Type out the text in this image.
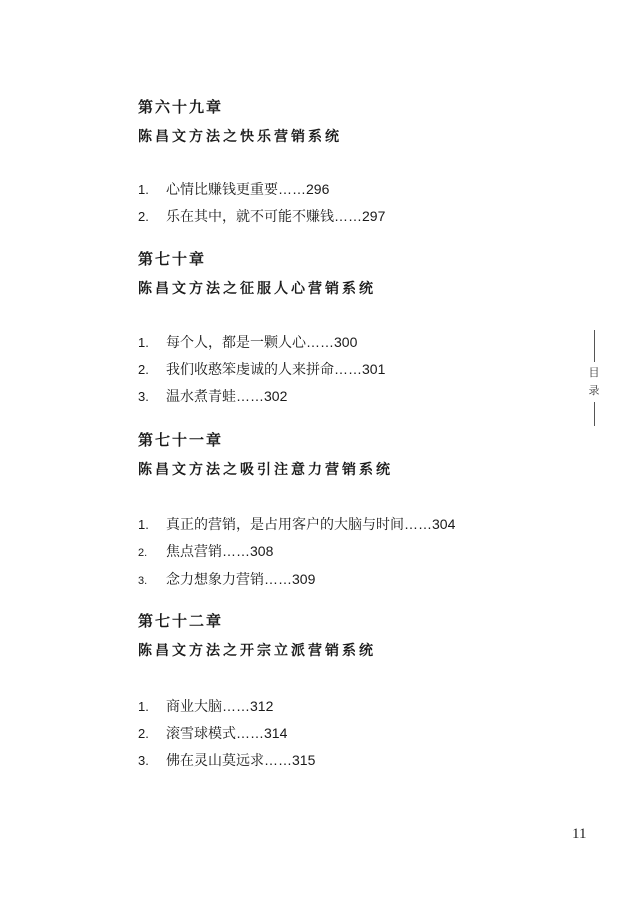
第六十九章
陈昌文方法之快乐营销系统
1. 心情比赚钱更重要……296
2. 乐在其中，就不可能不赚钱……297
第七十章
陈昌文方法之征服人心营销系统
1. 每个人，都是一颗人心……300
2. 我们收憨笨虔诚的人来拼命……301
3. 温水煮青蛙……302
第七十一章
陈昌文方法之吸引注意力营销系统
1. 真正的营销，是占用客户的大脑与时间……304
2. 焦点营销……308
3. 念力想象力营销……309
第七十二章
陈昌文方法之开宗立派营销系统
1. 商业大脑……312
2. 滚雪球模式……314
3. 佛在灵山莫远求……315
目
录
11
